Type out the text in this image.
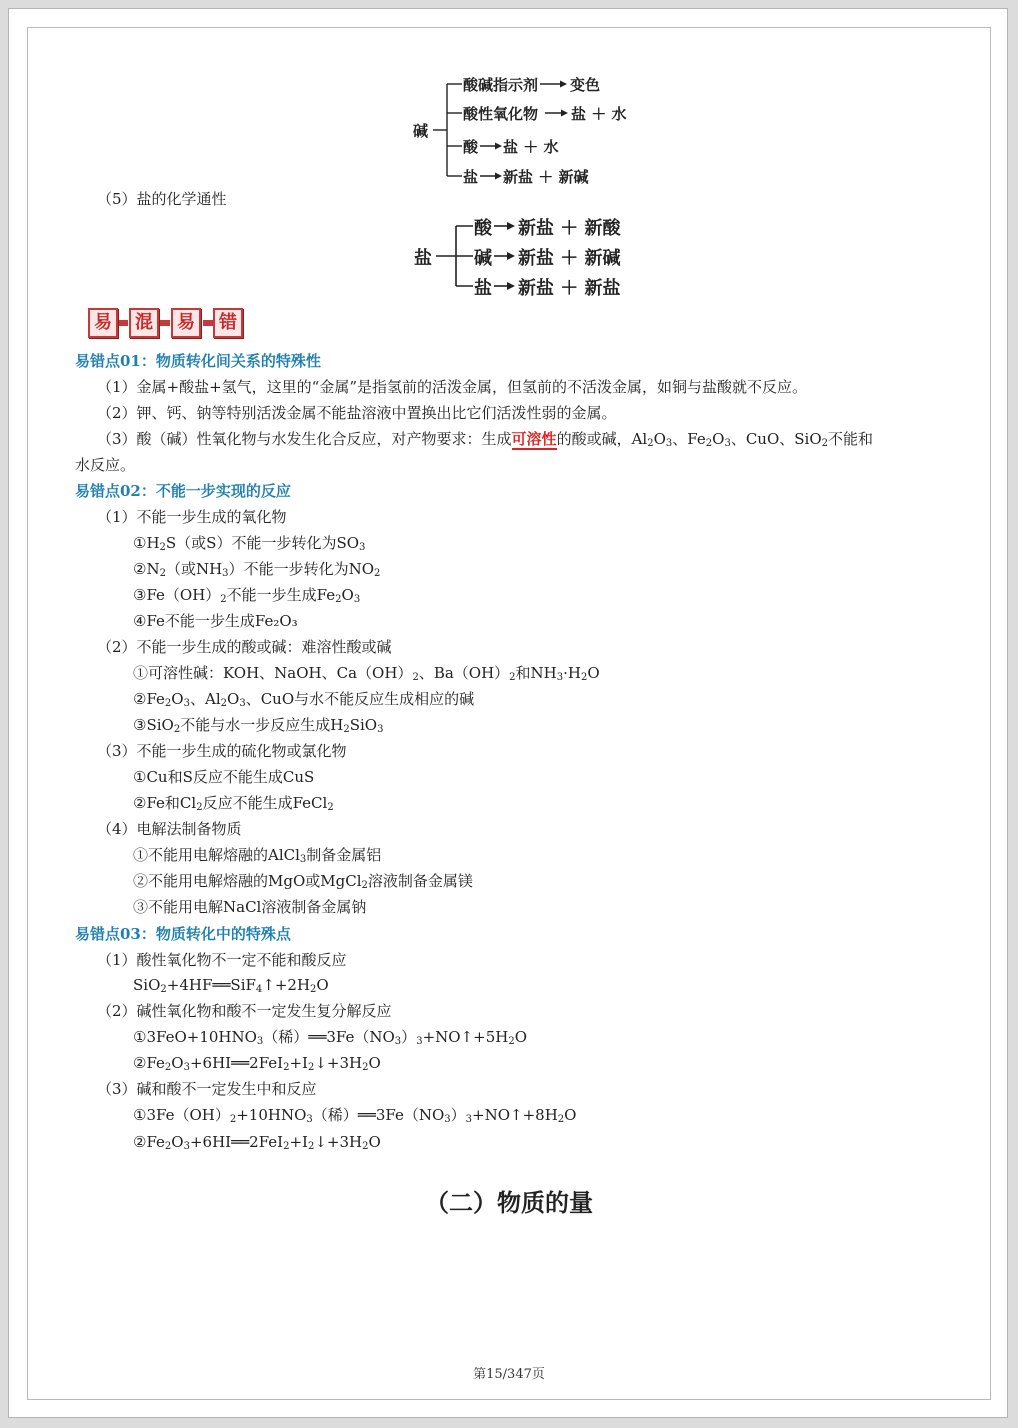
碱
酸碱指示剂 变色
酸性氧化物 盐 ＋ 水
酸 盐 ＋ 水
盐 新盐 ＋ 新碱
（5）盐的化学通性
盐
酸 新盐 ＋ 新酸
碱 新盐 ＋ 新碱
盐 新盐 ＋ 新盐
易	混	易	错
易错点01：物质转化间关系的特殊性
（1）金属+酸盐+氢气，这里的“金属”是指氢前的活泼金属，但氢前的不活泼金属，如铜与盐酸就不反应。
（2）钾、钙、钠等特别活泼金属不能盐溶液中置换出比它们活泼性弱的金属。
（3）酸（碱）性氧化物与水发生化合反应，对产物要求：生成可溶性的酸或碱，$Al_2O_3$、$Fe_2O_3$、CuO、SiO$_2$不能和
水反应。
易错点02：不能一步实现的反应
（1）不能一步生成的氧化物
$①H_2S$（或S）不能一步转化为$SO_3$
$②N_2$（或$NH_3$）不能一步转化为$NO_2$
$③Fe(OH)_2$不能一步生成$Fe_2O_3$
④Fe不能一步生成Fe₂O₃
（2）不能一步生成的酸或碱：难溶性酸或碱
①可溶性碱：KOH、NaOH、$Ca(OH)_2$、$Ba(OH)_2$和$NH_3\cdot H_2O$
$②Fe_2O_3$、$Al_2O_3$、CuO与水不能反应生成相应的碱
③SiO$_2$不能与水一步反应生成$H_2SiO_3$
（3）不能一步生成的硫化物或氯化物
①Cu和S反应不能生成CuS
②Fe和$Cl_2$反应不能生成FeCl$_2$
（4）电解法制备物质
①不能用电解熔融的AlCl$_3$制备金属铝
②不能用电解熔融的MgO或MgCl$_2$溶液制备金属镁
③不能用电解NaCl溶液制备金属钠
易错点03：物质转化中的特殊点
（1）酸性氧化物不一定不能和酸反应
$SiO_2+4HF══SiF_4↑+2H_2O$
（2）碱性氧化物和酸不一定发生复分解反应
$①3FeO+10HNO_3$（稀）$══3Fe(NO_3)_3+NO↑+5H_2O$
$②Fe_2O_3+6HI══2FeI_2+I_2↓+3H_2O$
（3）碱和酸不一定发生中和反应
$①3Fe(OH)_2+10HNO_3$（稀）$══3Fe(NO_3)_3+NO↑+8H_2O$
$②Fe_2O_3+6HI══2FeI_2+I_2↓+3H_2O$
（二）物质的量
第15/347页
